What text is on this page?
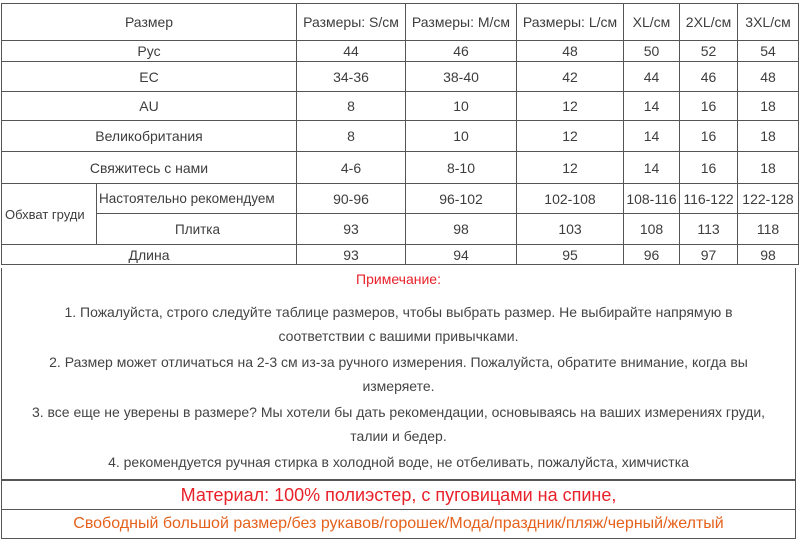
Размер		Размеры: S/см	Размеры: M/см	Размеры: L/см	XL/см	2XL/см	3XL/см
Рус		44	46	48	50	52	54
EC		34-36	38-40	42	44	46	48
AU		8	10	12	14	16	18
Великобритания		8	10	12	14	16	18
Свяжитесь с нами		4-6	8-10	12	14	16	18
Обхват груди	Настоятельно рекомендуем	90-96	96-102	102-108	108-116	116-122	122-128
	Плитка	93	98	103	108	113	118
Длина		93	94	95	96	97	98
Примечание:
1. Пожалуйста, строго следуйте таблице размеров, чтобы выбрать размер. Не выбирайте напрямую в
соответствии с вашими привычками.
2. Размер может отличаться на 2-3 см из-за ручного измерения. Пожалуйста, обратите внимание, когда вы
измеряете.
3. все еще не уверены в размере? Мы хотели бы дать рекомендации, основываясь на ваших измерениях груди,
талии и бедер.
4. рекомендуется ручная стирка в холодной воде, не отбеливать, пожалуйста, химчистка
Материал: 100% полиэстер, с пуговицами на спине,
Свободный большой размер/без рукавов/горошек/Мода/праздник/пляж/черный/желтый
